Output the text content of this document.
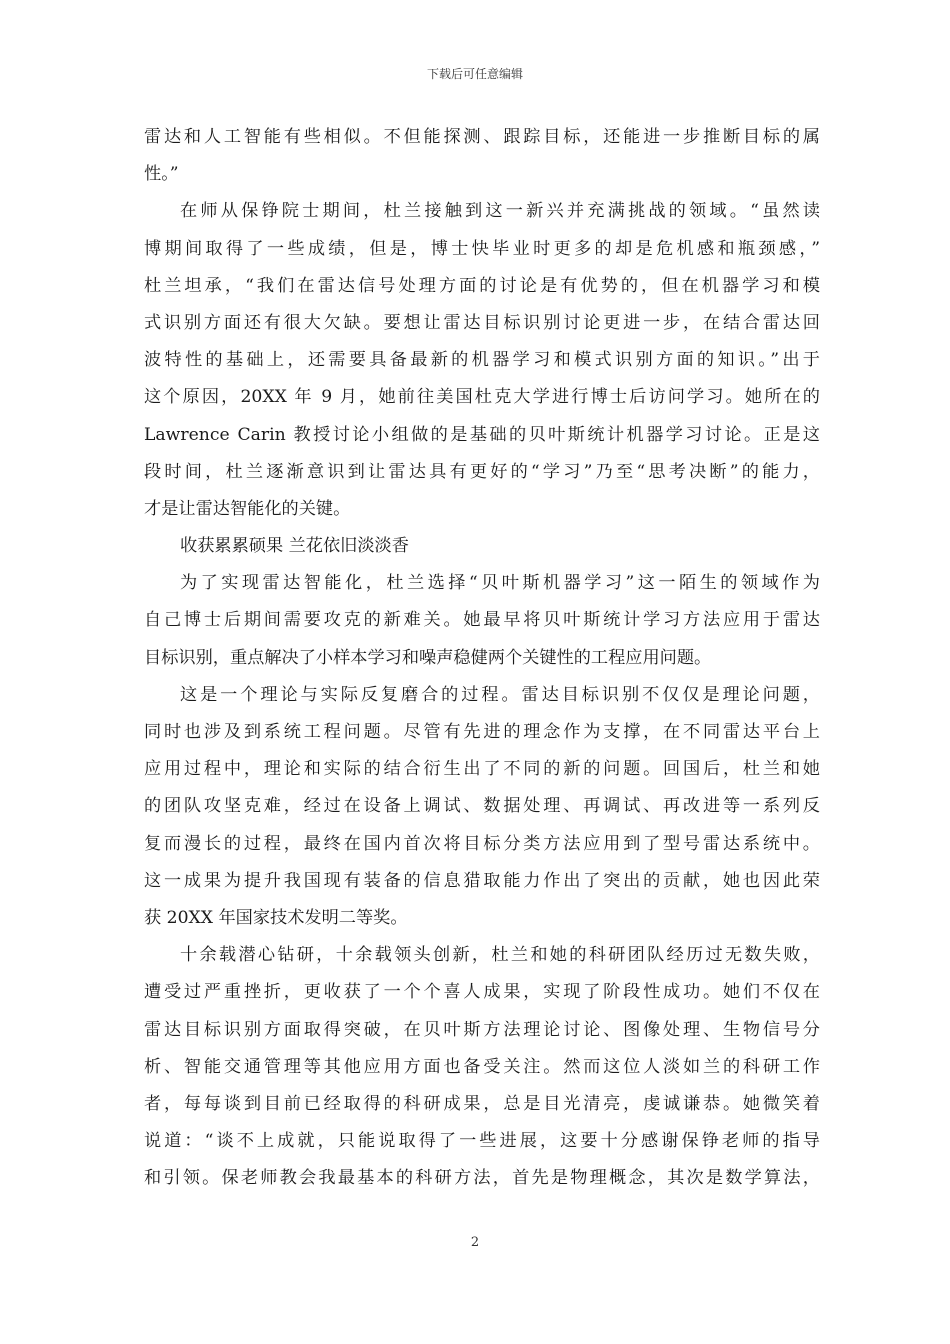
下载后可任意编辑
雷达和人工智能有些相似。不但能探测、跟踪目标，还能进一步推断目标的属
性。”
在师从保铮院士期间，杜兰接触到这一新兴并充满挑战的领域。“虽然读
博期间取得了一些成绩，但是，博士快毕业时更多的却是危机感和瓶颈感，”
杜兰坦承，“我们在雷达信号处理方面的讨论是有优势的，但在机器学习和模
式识别方面还有很大欠缺。要想让雷达目标识别讨论更进一步，在结合雷达回
波特性的基础上，还需要具备最新的机器学习和模式识别方面的知识。”出于
这个原因，20XX 年 9 月，她前往美国杜克大学进行博士后访问学习。她所在的
Lawrence Carin 教授讨论小组做的是基础的贝叶斯统计机器学习讨论。正是这
段时间，杜兰逐渐意识到让雷达具有更好的“学习”乃至“思考决断”的能力，
才是让雷达智能化的关键。
收获累累硕果 兰花依旧淡淡香
为了实现雷达智能化，杜兰选择“贝叶斯机器学习”这一陌生的领域作为
自己博士后期间需要攻克的新难关。她最早将贝叶斯统计学习方法应用于雷达
目标识别，重点解决了小样本学习和噪声稳健两个关键性的工程应用问题。
这是一个理论与实际反复磨合的过程。雷达目标识别不仅仅是理论问题，
同时也涉及到系统工程问题。尽管有先进的理念作为支撑，在不同雷达平台上
应用过程中，理论和实际的结合衍生出了不同的新的问题。回国后，杜兰和她
的团队攻坚克难，经过在设备上调试、数据处理、再调试、再改进等一系列反
复而漫长的过程，最终在国内首次将目标分类方法应用到了型号雷达系统中。
这一成果为提升我国现有装备的信息猎取能力作出了突出的贡献，她也因此荣
获 20XX 年国家技术发明二等奖。
十余载潜心钻研，十余载领头创新，杜兰和她的科研团队经历过无数失败，
遭受过严重挫折，更收获了一个个喜人成果，实现了阶段性成功。她们不仅在
雷达目标识别方面取得突破，在贝叶斯方法理论讨论、图像处理、生物信号分
析、智能交通管理等其他应用方面也备受关注。然而这位人淡如兰的科研工作
者，每每谈到目前已经取得的科研成果，总是目光清亮，虔诚谦恭。她微笑着
说道：“谈不上成就，只能说取得了一些进展，这要十分感谢保铮老师的指导
和引领。保老师教会我最基本的科研方法，首先是物理概念，其次是数学算法，
2
